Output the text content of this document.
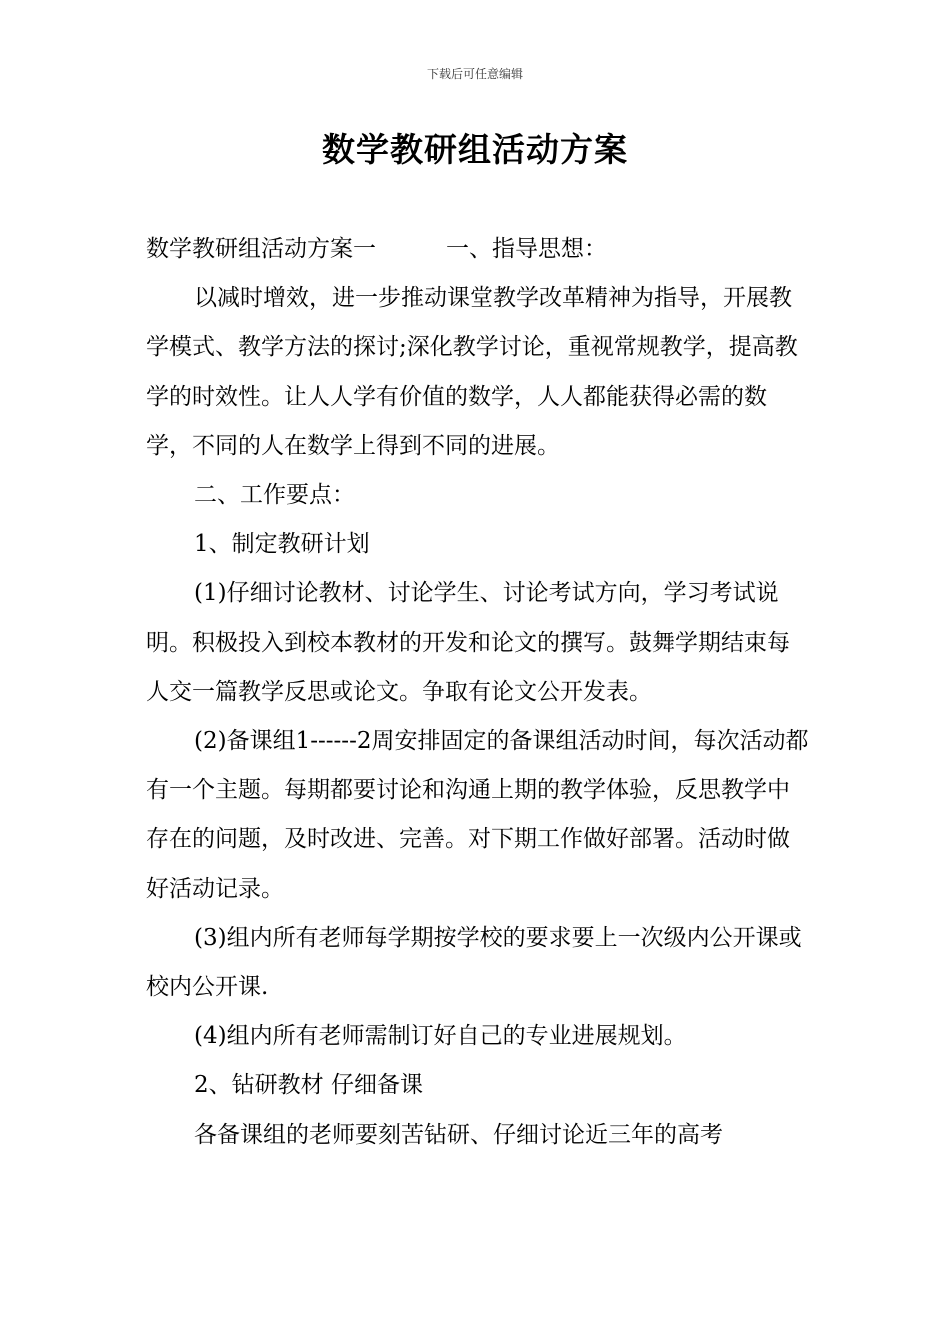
下载后可任意编辑
数学教研组活动方案

数学教研组活动方案一	一、指导思想：

以减时增效，进一步推动课堂教学改革精神为指导，开展教学模式、教学方法的探讨;深化教学讨论，重视常规教学，提高教学的时效性。让人人学有价值的数学，人人都能获得必需的数学，不同的人在数学上得到不同的进展。

二、工作要点：

1、制定教研计划

(1)仔细讨论教材、讨论学生、讨论考试方向，学习考试说明。积极投入到校本教材的开发和论文的撰写。鼓舞学期结束每人交一篇教学反思或论文。争取有论文公开发表。

(2)备课组1------2周安排固定的备课组活动时间，每次活动都有一个主题。每期都要讨论和沟通上期的教学体验，反思教学中存在的问题，及时改进、完善。对下期工作做好部署。活动时做好活动记录。

(3)组内所有老师每学期按学校的要求要上一次级内公开课或校内公开课.

(4)组内所有老师需制订好自己的专业进展规划。

2、钻研教材 仔细备课

各备课组的老师要刻苦钻研、仔细讨论近三年的高考
